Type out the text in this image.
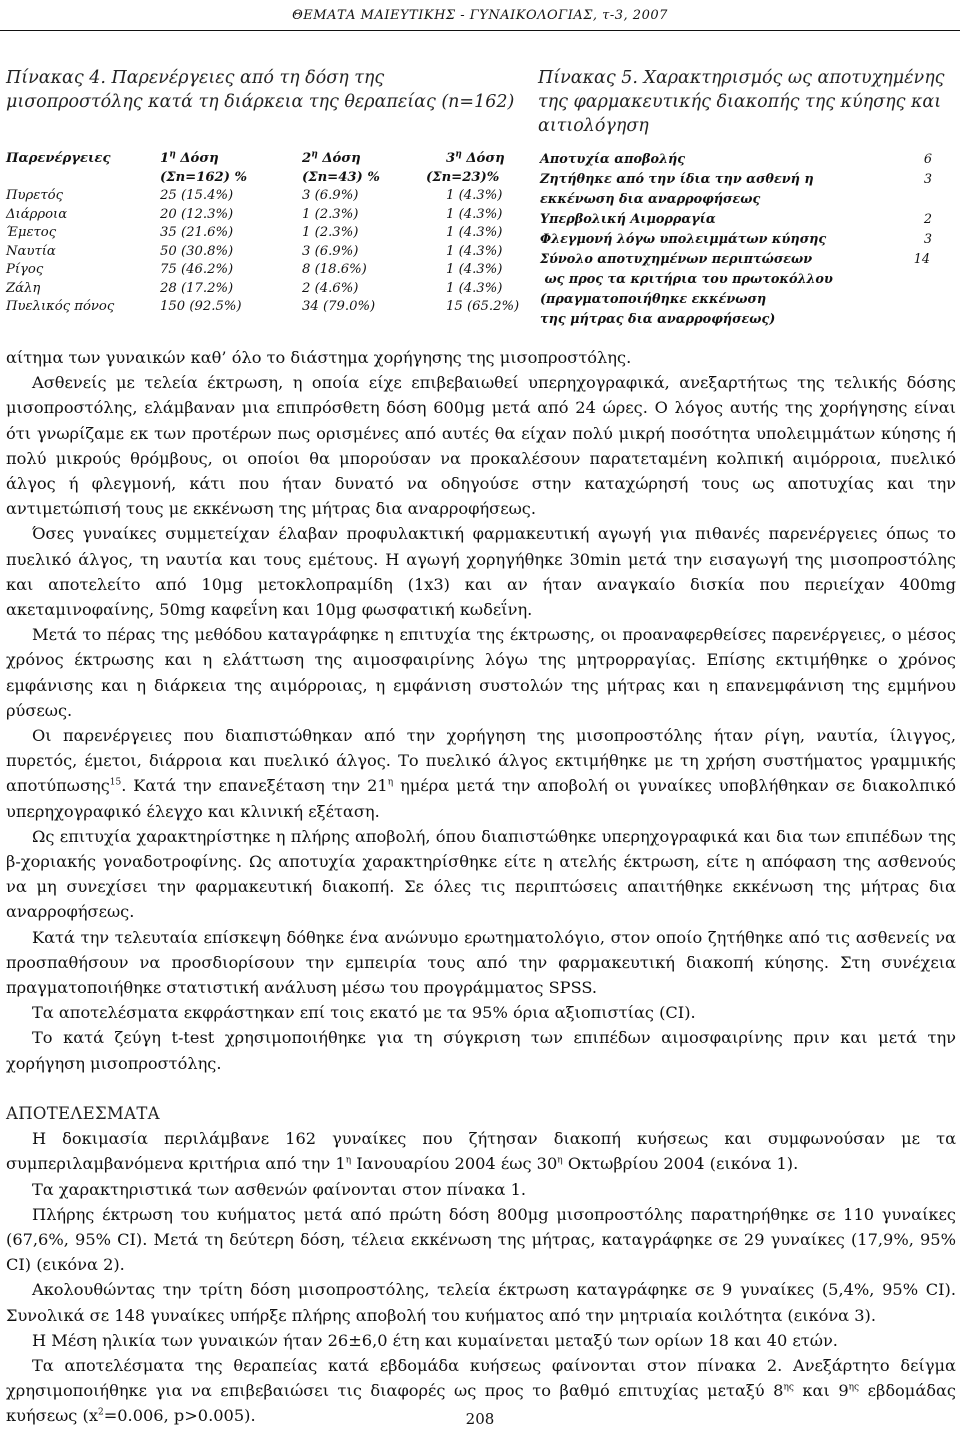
ΘΕΜΑΤΑ ΜΑΙΕΥΤΙΚΗΣ - ΓΥΝΑΙΚΟΛΟΓΙΑΣ, τ-3, 2007
Πίνακας 4. Παρενέργειες από τη δόση της μισοπροστόλης κατά τη διάρκεια της θεραπείας (n=162)
Παρενέργειες	$1^\eta$ Δόση	$2^\eta$ Δόση	$3^\eta$ Δόση
(Σn=162) %	(Σn=43) %	(Σn=23)%
Πυρετός	25 (15.4%)	3 (6.9%)	1 (4.3%)
Διάρροια	20 (12.3%)	1 (2.3%)	1 (4.3%)
Έμετος	35 (21.6%)	1 (2.3%)	1 (4.3%)
Ναυτία	50 (30.8%)	3 (6.9%)	1 (4.3%)
Ρίγος	75 (46.2%)	8 (18.6%)	1 (4.3%)
Ζάλη	28 (17.2%)	2 (4.6%)	1 (4.3%)
Πυελικός πόνος	150 (92.5%)	34 (79.0%)	15 (65.2%)
Πίνακας 5. Χαρακτηρισμός ως αποτυχημένης της φαρμακευτικής διακοπής της κύησης και αιτιολόγηση
Αποτυχία αποβολής	6
Ζητήθηκε από την ίδια την ασθενή η	3
εκκένωση δια αναρροφήσεως
Υπερβολική Αιμορραγία	2
Φλεγμονή λόγω υπολειμμάτων κύησης	3
Σύνολο αποτυχημένων περιπτώσεων	14
ως προς τα κριτήρια του πρωτοκόλλου
(πραγματοποιήθηκε εκκένωση
της μήτρας δια αναρροφήσεως)

αίτημα των γυναικών καθ’ όλο το διάστημα χορήγησης της μισοπροστόλης.

Ασθενείς με τελεία έκτρωση, η οποία είχε επιβεβαιωθεί υπερηχογραφικά, ανεξαρτήτως της τελικής δόσης μισοπροστόλης, ελάμβαναν μια επιπρόσθετη δόση 600μg μετά από 24 ώρες. Ο λόγος αυτής της χορήγησης είναι ότι γνωρίζαμε εκ των προτέρων πως ορισμένες από αυτές θα είχαν πολύ μικρή ποσότητα υπολειμμάτων κύησης ή πολύ μικρούς θρόμβους, οι οποίοι θα μπορούσαν να προκαλέσουν παρατεταμένη κολπική αιμόρροια, πυελικό άλγος ή φλεγμονή, κάτι που ήταν δυνατό να οδηγούσε στην καταχώρησή τους ως αποτυχίας και την αντιμετώπισή τους με εκκένωση της μήτρας δια αναρροφήσεως.

Όσες γυναίκες συμμετείχαν έλαβαν προφυλακτική φαρμακευτική αγωγή για πιθανές παρενέργειες όπως το πυελικό άλγος, τη ναυτία και τους εμέτους. Η αγωγή χορηγήθηκε 30min μετά την εισαγωγή της μισοπροστόλης και αποτελείτο από 10μg μετοκλοπραμίδη (1x3) και αν ήταν αναγκαίο δισκία που περιείχαν 400mg ακεταμινοφαίνης, 50mg καφεΐνη και 10μg φωσφατική κωδεΐνη.

Μετά το πέρας της μεθόδου καταγράφηκε η επιτυχία της έκτρωσης, οι προαναφερθείσες παρενέργειες, ο μέσος χρόνος έκτρωσης και η ελάττωση της αιμοσφαιρίνης λόγω της μητρορραγίας. Επίσης εκτιμήθηκε ο χρόνος εμφάνισης και η διάρκεια της αιμόρροιας, η εμφάνιση συστολών της μήτρας και η επανεμφάνιση της εμμήνου ρύσεως.

Οι παρενέργειες που διαπιστώθηκαν από την χορήγηση της μισοπροστόλης ήταν ρίγη, ναυτία, ίλιγγος, πυρετός, έμετοι, διάρροια και πυελικό άλγος. Το πυελικό άλγος εκτιμήθηκε με τη χρήση συστήματος γραμμικής αποτύπωσης$^{15}$. Κατά την επανεξέταση την $21^\eta$ ημέρα μετά την αποβολή οι γυναίκες υποβλήθηκαν σε διακολπικό υπερηχογραφικό έλεγχο και κλινική εξέταση.

Ως επιτυχία χαρακτηρίστηκε η πλήρης αποβολή, όπου διαπιστώθηκε υπερηχογραφικά και δια των επιπέδων της β-χοριακής γοναδοτροφίνης. Ως αποτυχία χαρακτηρίσθηκε είτε η ατελής έκτρωση, είτε η απόφαση της ασθενούς να μη συνεχίσει την φαρμακευτική διακοπή. Σε όλες τις περιπτώσεις απαιτήθηκε εκκένωση της μήτρας δια αναρροφήσεως.

Κατά την τελευταία επίσκεψη δόθηκε ένα ανώνυμο ερωτηματολόγιο, στον οποίο ζητήθηκε από τις ασθενείς να προσπαθήσουν να προσδιορίσουν την εμπειρία τους από την φαρμακευτική διακοπή κύησης. Στη συνέχεια πραγματοποιήθηκε στατιστική ανάλυση μέσω του προγράμματος SPSS.

Τα αποτελέσματα εκφράστηκαν επί τοις εκατό με τα 95% όρια αξιοπιστίας (CI).

Το κατά ζεύγη t-test χρησιμοποιήθηκε για τη σύγκριση των επιπέδων αιμοσφαιρίνης πριν και μετά την χορήγηση μισοπροστόλης.

ΑΠΟΤΕΛΕΣΜΑΤΑ

Η δοκιμασία περιλάμβανε 162 γυναίκες που ζήτησαν διακοπή κυήσεως και συμφωνούσαν με τα συμπεριλαμβανόμενα κριτήρια από την $1^\eta$ Ιανουαρίου 2004 έως $30^\eta$ Οκτωβρίου 2004 (εικόνα 1).

Τα χαρακτηριστικά των ασθενών φαίνονται στον πίνακα 1.

Πλήρης έκτρωση του κυήματος μετά από πρώτη δόση 800μg μισοπροστόλης παρατηρήθηκε σε 110 γυναίκες (67,6%, 95% CI). Μετά τη δεύτερη δόση, τέλεια εκκένωση της μήτρας, καταγράφηκε σε 29 γυναίκες (17,9%, 95% CI) (εικόνα 2).

Ακολουθώντας την τρίτη δόση μισοπροστόλης, τελεία έκτρωση καταγράφηκε σε 9 γυναίκες (5,4%, 95% CI). Συνολικά σε 148 γυναίκες υπήρξε πλήρης αποβολή του κυήματος από την μητριαία κοιλότητα (εικόνα 3).

Η Μέση ηλικία των γυναικών ήταν 26±6,0 έτη και κυμαίνεται μεταξύ των ορίων 18 και 40 ετών.

Τα αποτελέσματα της θεραπείας κατά εβδομάδα κυήσεως φαίνονται στον πίνακα 2. Ανεξάρτητο δείγμα χρησιμοποιήθηκε για να επιβεβαιώσει τις διαφορές ως προς το βαθμό επιτυχίας μεταξύ $8^{\eta\varsigma}$ και $9^{\eta\varsigma}$ εβδομάδας κυήσεως ($x^2=0.006$, p>0.005).	208
